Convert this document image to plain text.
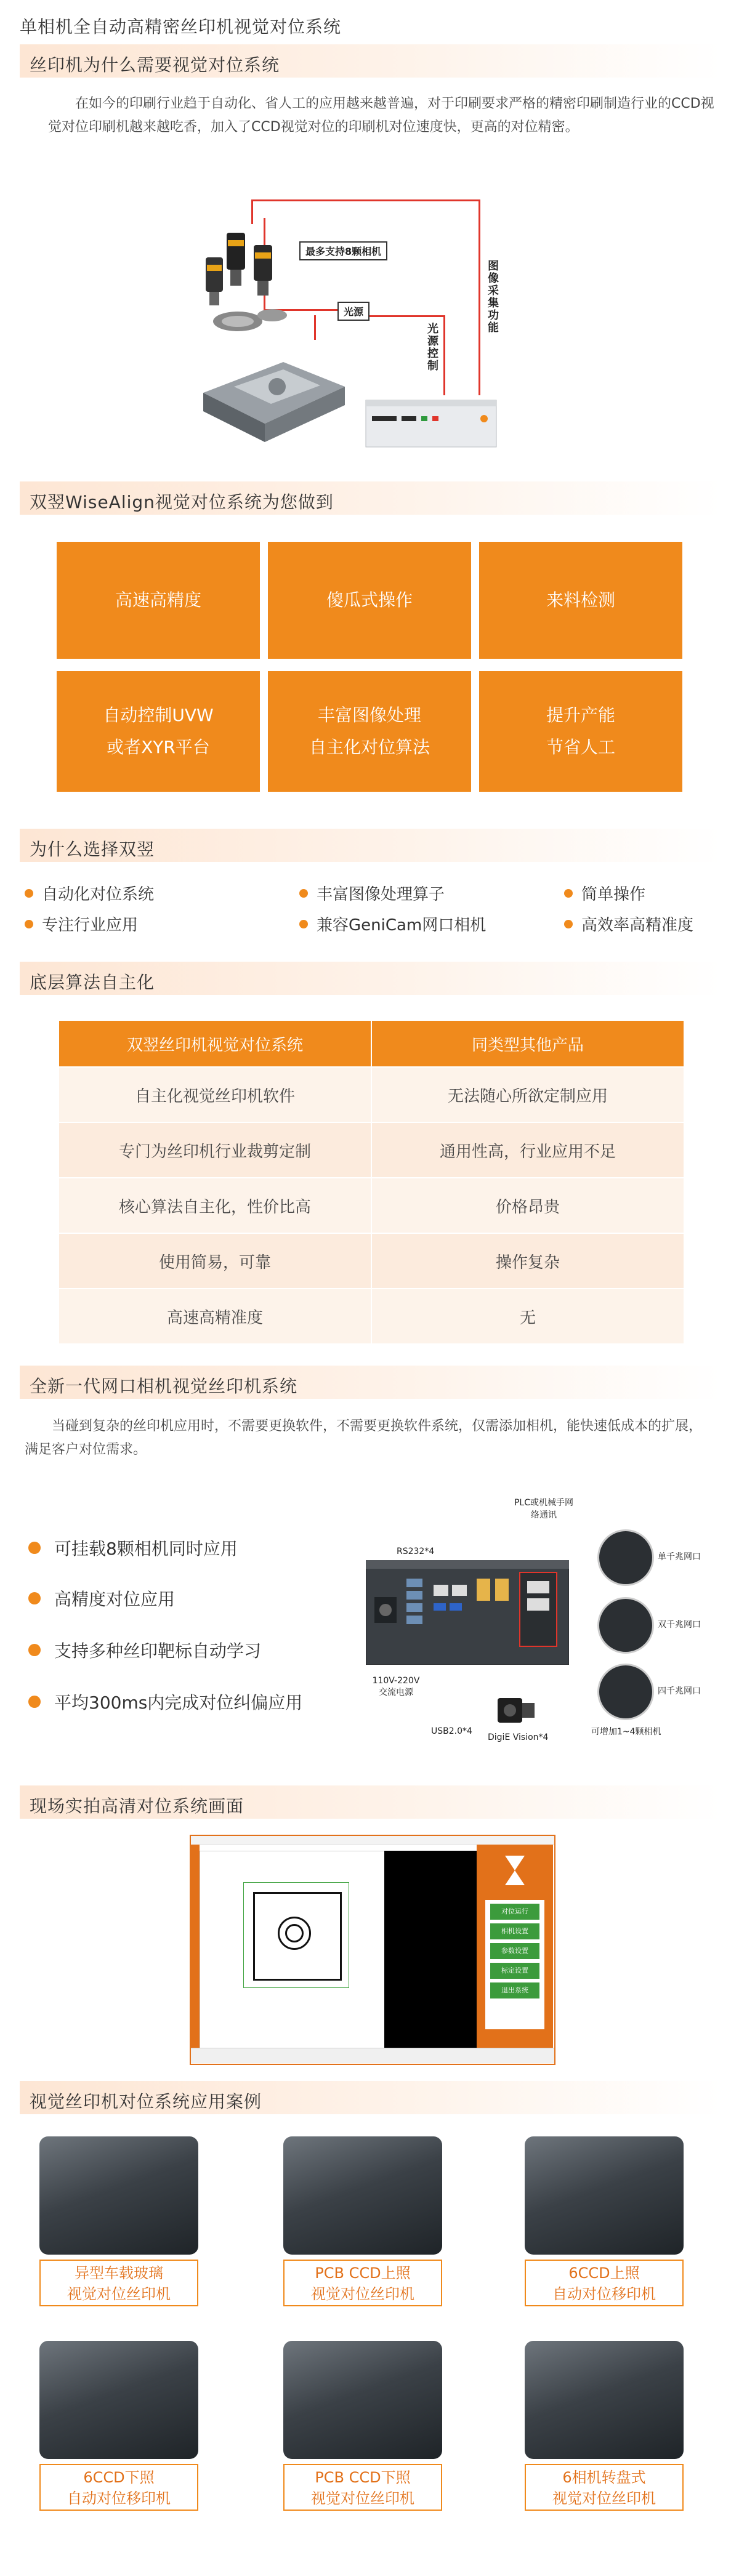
单相机全自动高精密丝印机视觉对位系统
丝印机为什么需要视觉对位系统
在如今的印刷行业趋于自动化、省人工的应用越来越普遍，对于印刷要求严格的精密印刷制造行业的CCD视觉对位印刷机越来越吃香，加入了CCD视觉对位的印刷机对位速度快，更高的对位精密。
最多支持8颗相机
光源	图像采集功能
光源控制
双翌WiseAlign视觉对位系统为您做到
高速高精度	傻瓜式操作	来料检测
自动控制UVW
或者XYR平台
丰富图像处理
自主化对位算法
提升产能
节省人工
为什么选择双翌
自动化对位系统	丰富图像处理算子	简单操作
专注行业应用	兼容GeniCam网口相机	高效率高精准度
底层算法自主化
双翌丝印机视觉对位系统	同类型其他产品
自主化视觉丝印机软件	无法随心所欲定制应用
专门为丝印机行业裁剪定制	通用性高，行业应用不足
核心算法自主化，性价比高	价格昂贵
使用简易，可靠	操作复杂
高速高精准度	无
全新一代网口相机视觉丝印机系统
当碰到复杂的丝印机应用时，不需要更换软件，不需要更换软件系统，仅需添加相机，能快速低成本的扩展，满足客户对位需求。
可挂载8颗相机同时应用
高精度对位应用
支持多种丝印靶标自动学习
平均300ms内完成对位纠偏应用
PLC或机械手网络通讯
RS232*4
110V-220V交流电源
USB2.0*4
DigiE Vision*4
单千兆网口
双千兆网口
四千兆网口
可增加1~4颗相机
现场实拍高清对位系统画面
对位运行
相机设置
参数设置
标定设置
退出系统
视觉丝印机对位系统应用案例
异型车载玻璃
视觉对位丝印机
PCB CCD上照
视觉对位丝印机
6CCD上照
自动对位移印机
6CCD下照
自动对位移印机
PCB CCD下照
视觉对位丝印机
6相机转盘式
视觉对位丝印机
